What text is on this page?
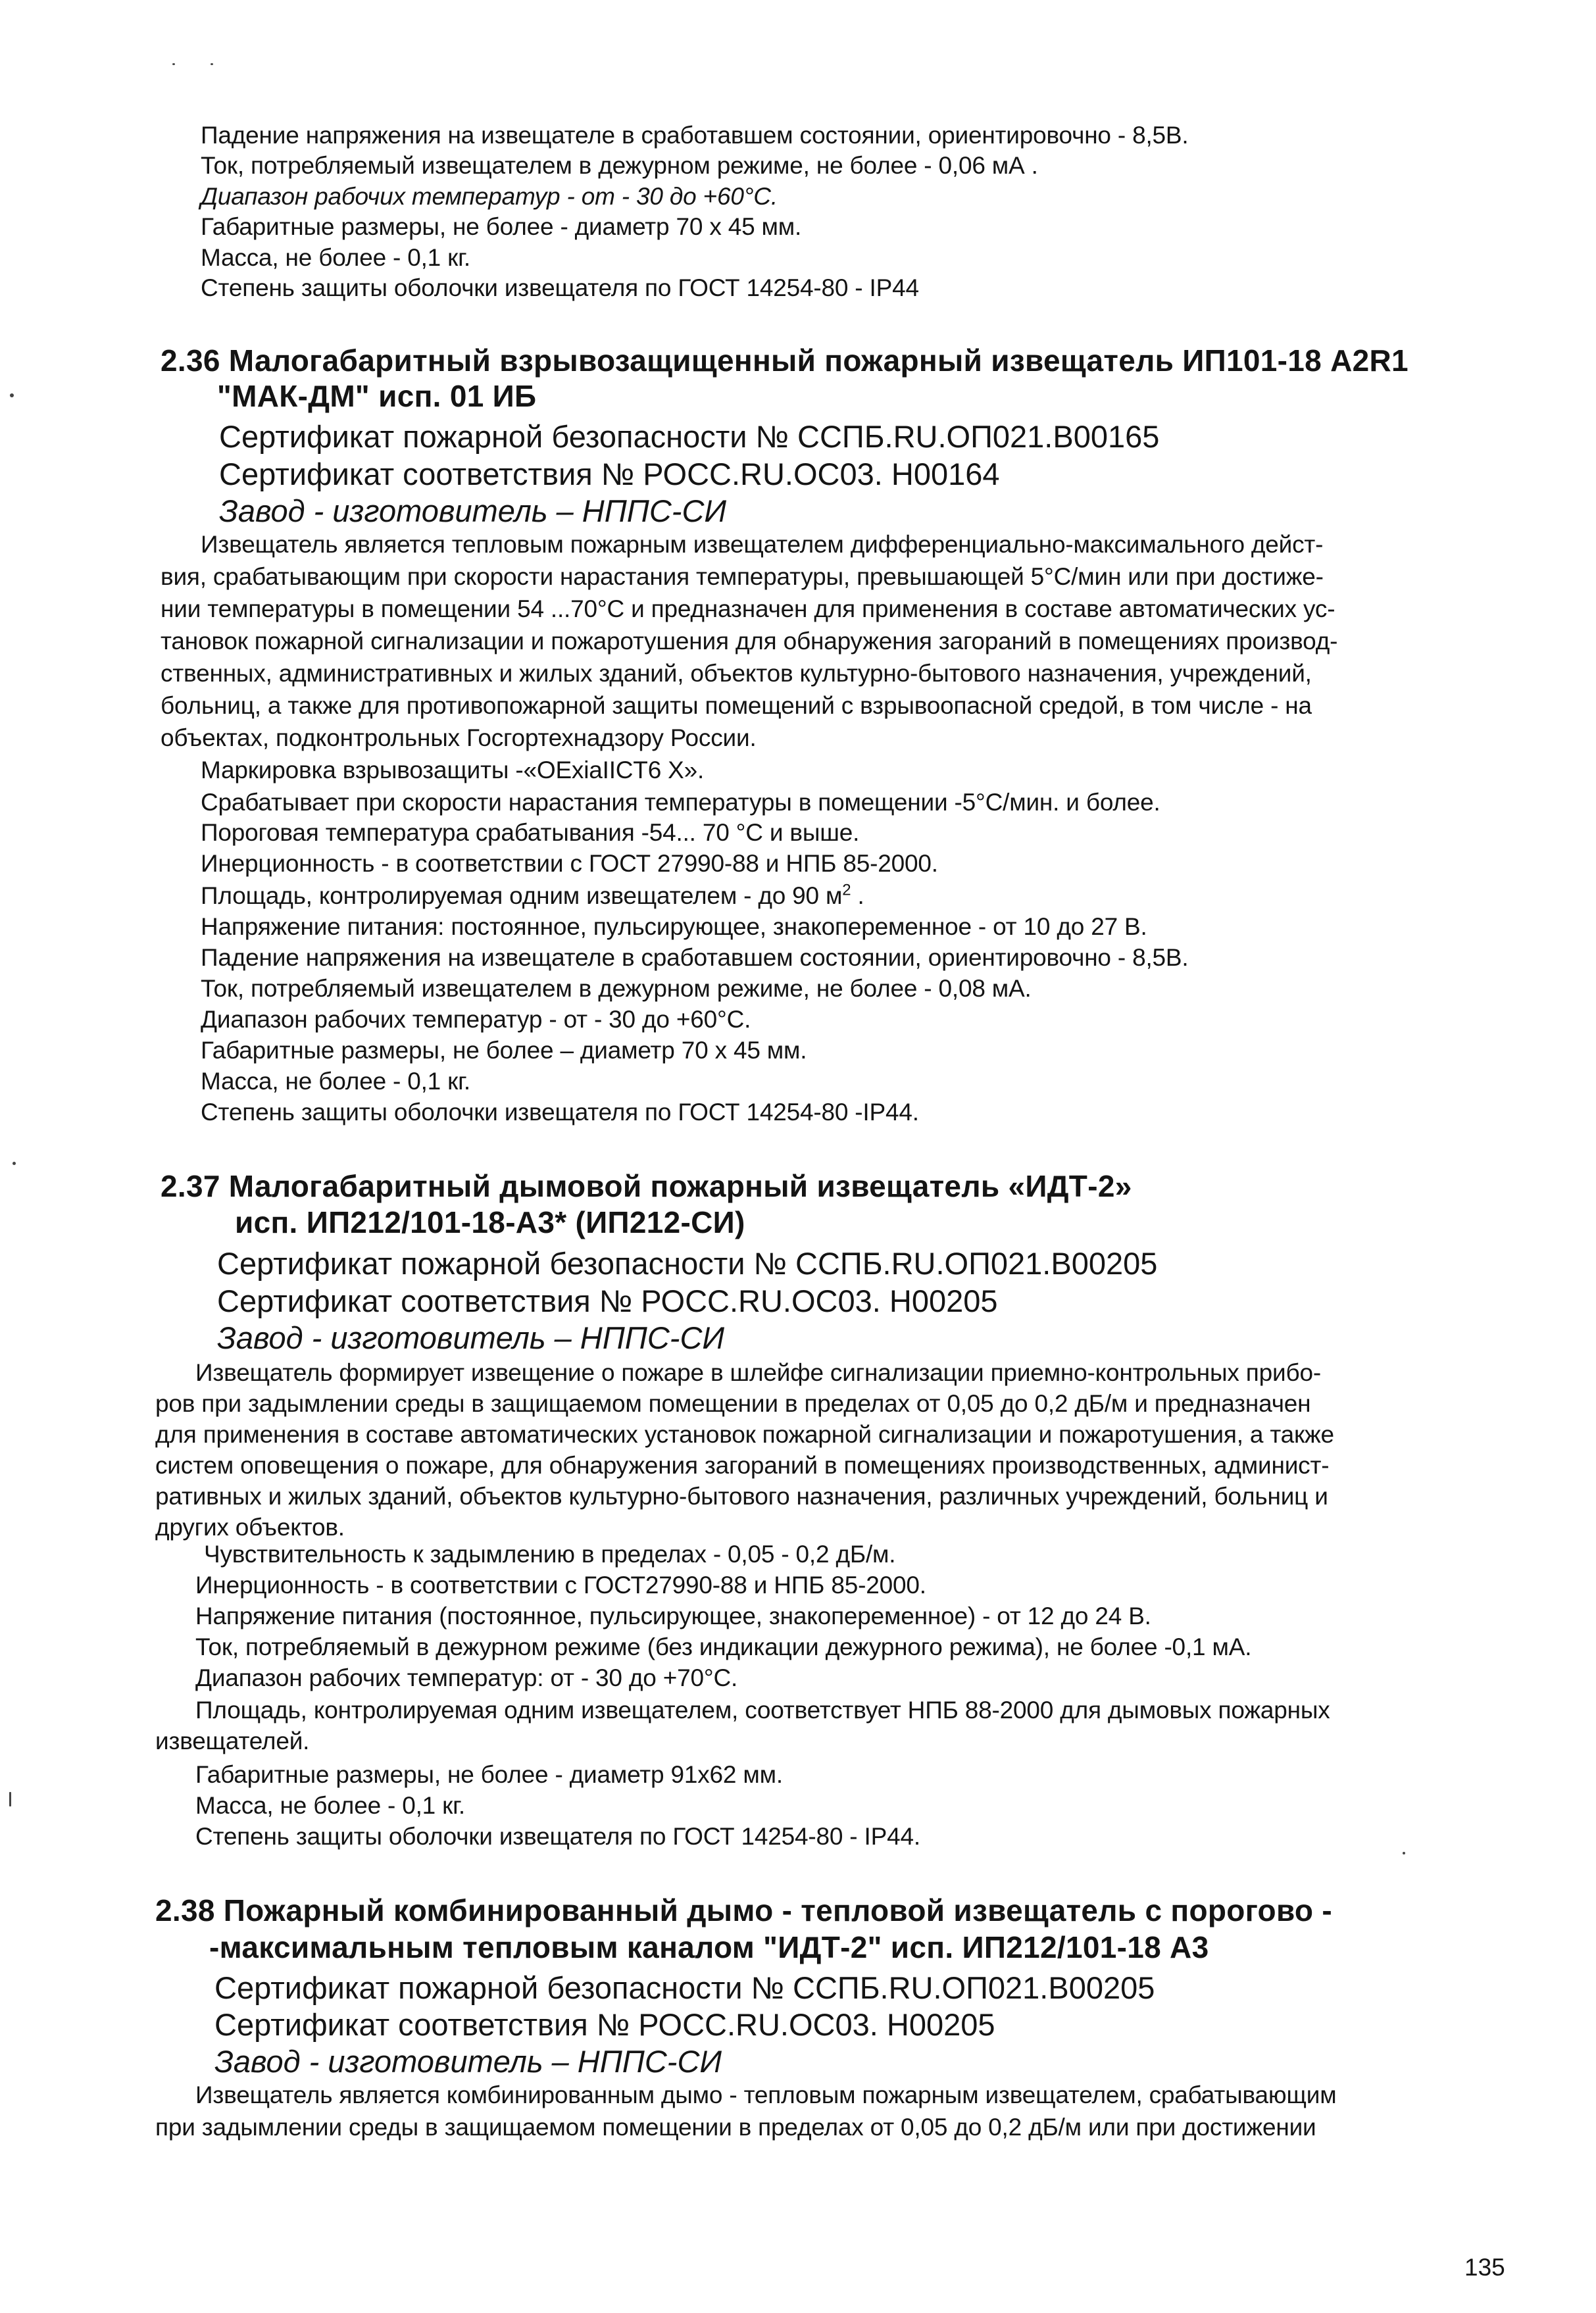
Падение напряжения на извещателе в сработавшем состоянии, ориентировочно - 8,5В.
Ток, потребляемый извещателем в дежурном режиме, не более - 0,06 мА .
Диапазон рабочих температур - от - 30 до +60°С.
Габаритные размеры, не более - диаметр 70 х 45 мм.
Масса, не более - 0,1 кг.
Степень защиты оболочки извещателя по ГОСТ 14254-80 - IP44
2.36 Малогабаритный взрывозащищенный пожарный извещатель ИП101-18 A2R1
"МАК-ДМ" исп. 01 ИБ
Сертификат пожарной безопасности № ССПБ.RU.ОП021.В00165
Сертификат соответствия № РОСС.RU.ОС03. Н00164
Завод - изготовитель – НППС-СИ
Извещатель является тепловым пожарным извещателем дифференциально-максимального дейст-
вия, срабатывающим при скорости нарастания температуры, превышающей 5°С/мин или при достиже-
нии температуры в помещении 54 ...70°С и предназначен для применения в составе автоматических ус-
тановок пожарной сигнализации и пожаротушения для обнаружения загораний в помещениях производ-
ственных, административных и жилых зданий, объектов культурно-бытового назначения, учреждений,
больниц, а также для противопожарной защиты помещений с взрывоопасной средой, в том числе - на
объектах, подконтрольных Госгортехнадзору России.
Маркировка взрывозащиты -«ОЕxiaIICT6 X».
Срабатывает при скорости нарастания температуры в помещении -5°С/мин. и более.
Пороговая температура срабатывания -54... 70 °С и выше.
Инерционность - в соответствии с ГОСТ 27990-88 и НПБ 85-2000.
Площадь, контролируемая одним извещателем - до 90 $м^2$ .
Напряжение питания: постоянное, пульсирующее, знакопеременное - от 10 до 27 В.
Падение напряжения на извещателе в сработавшем состоянии, ориентировочно - 8,5В.
Ток, потребляемый извещателем в дежурном режиме, не более - 0,08 мА.
Диапазон рабочих температур - от - 30 до +60°С.
Габаритные размеры, не более – диаметр 70 х 45 мм.
Масса, не более - 0,1 кг.
Степень защиты оболочки извещателя по ГОСТ 14254-80 -IP44.
2.37 Малогабаритный дымовой пожарный извещатель «ИДТ-2»
исп. ИП212/101-18-А3* (ИП212-СИ)
Сертификат пожарной безопасности № ССПБ.RU.ОП021.В00205
Сертификат соответствия № РОСС.RU.ОС03. Н00205
Завод - изготовитель – НППС-СИ
Извещатель формирует извещение о пожаре в шлейфе сигнализации приемно-контрольных прибо-
ров при задымлении среды в защищаемом помещении в пределах от 0,05 до 0,2 дБ/м и предназначен
для применения в составе автоматических установок пожарной сигнализации и пожаротушения, а также
систем оповещения о пожаре, для обнаружения загораний в помещениях производственных, админист-
ративных и жилых зданий, объектов культурно-бытового назначения, различных учреждений, больниц и
других объектов.
Чувствительность к задымлению в пределах - 0,05 - 0,2 дБ/м.
Инерционность - в соответствии с ГОСТ27990-88 и НПБ 85-2000.
Напряжение питания (постоянное, пульсирующее, знакопеременное) - от 12 до 24 В.
Ток, потребляемый в дежурном режиме (без индикации дежурного режима), не более -0,1 мА.
Диапазон рабочих температур: от - 30 до +70°С.
Площадь, контролируемая одним извещателем, соответствует НПБ 88-2000 для дымовых пожарных
извещателей.
Габаритные размеры, не более - диаметр 91х62 мм.
Масса, не более - 0,1 кг.
Степень защиты оболочки извещателя по ГОСТ 14254-80 - IP44.
2.38 Пожарный комбинированный дымо - тепловой извещатель с порогово -
-максимальным тепловым каналом "ИДТ-2" исп. ИП212/101-18 А3
Сертификат пожарной безопасности № ССПБ.RU.ОП021.В00205
Сертификат соответствия № РОСС.RU.ОС03. Н00205
Завод - изготовитель – НППС-СИ
Извещатель является комбинированным дымо - тепловым пожарным извещателем, срабатывающим
при задымлении среды в защищаемом помещении в пределах от 0,05 до 0,2 дБ/м или при достижении
135
